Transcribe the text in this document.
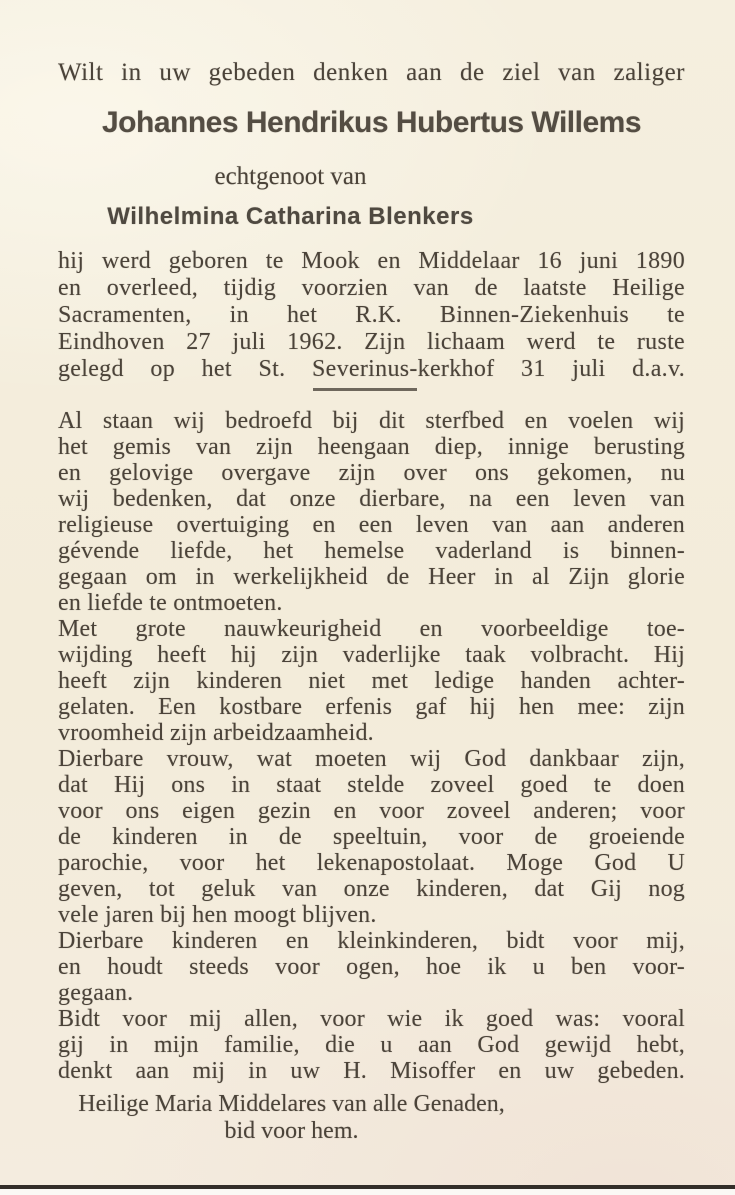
Wilt in uw gebeden denken aan de ziel van zaliger
Johannes Hendrikus Hubertus Willems
echtgenoot van
Wilhelmina Catharina Blenkers
hij werd geboren te Mook en Middelaar 16 juni 1890
en overleed, tijdig voorzien van de laatste Heilige
Sacramenten, in het R.K. Binnen-Ziekenhuis te
Eindhoven 27 juli 1962. Zijn lichaam werd te ruste
gelegd op het St. Severinus-kerkhof 31 juli d.a.v.
Al staan wij bedroefd bij dit sterfbed en voelen wij
het gemis van zijn heengaan diep, innige berusting
en gelovige overgave zijn over ons gekomen, nu
wij bedenken, dat onze dierbare, na een leven van
religieuse overtuiging en een leven van aan anderen
gévende liefde, het hemelse vaderland is binnen-
gegaan om in werkelijkheid de Heer in al Zijn glorie
en liefde te ontmoeten.
Met grote nauwkeurigheid en voorbeeldige toe-
wijding heeft hij zijn vaderlijke taak volbracht. Hij
heeft zijn kinderen niet met ledige handen achter-
gelaten. Een kostbare erfenis gaf hij hen mee: zijn
vroomheid zijn arbeidzaamheid.
Dierbare vrouw, wat moeten wij God dankbaar zijn,
dat Hij ons in staat stelde zoveel goed te doen
voor ons eigen gezin en voor zoveel anderen; voor
de kinderen in de speeltuin, voor de groeiende
parochie, voor het lekenapostolaat. Moge God U
geven, tot geluk van onze kinderen, dat Gij nog
vele jaren bij hen moogt blijven.
Dierbare kinderen en kleinkinderen, bidt voor mij,
en houdt steeds voor ogen, hoe ik u ben voor-
gegaan.
Bidt voor mij allen, voor wie ik goed was: vooral
gij in mijn familie, die u aan God gewijd hebt,
denkt aan mij in uw H. Misoffer en uw gebeden.
Heilige Maria Middelares van alle Genaden,
bid voor hem.
